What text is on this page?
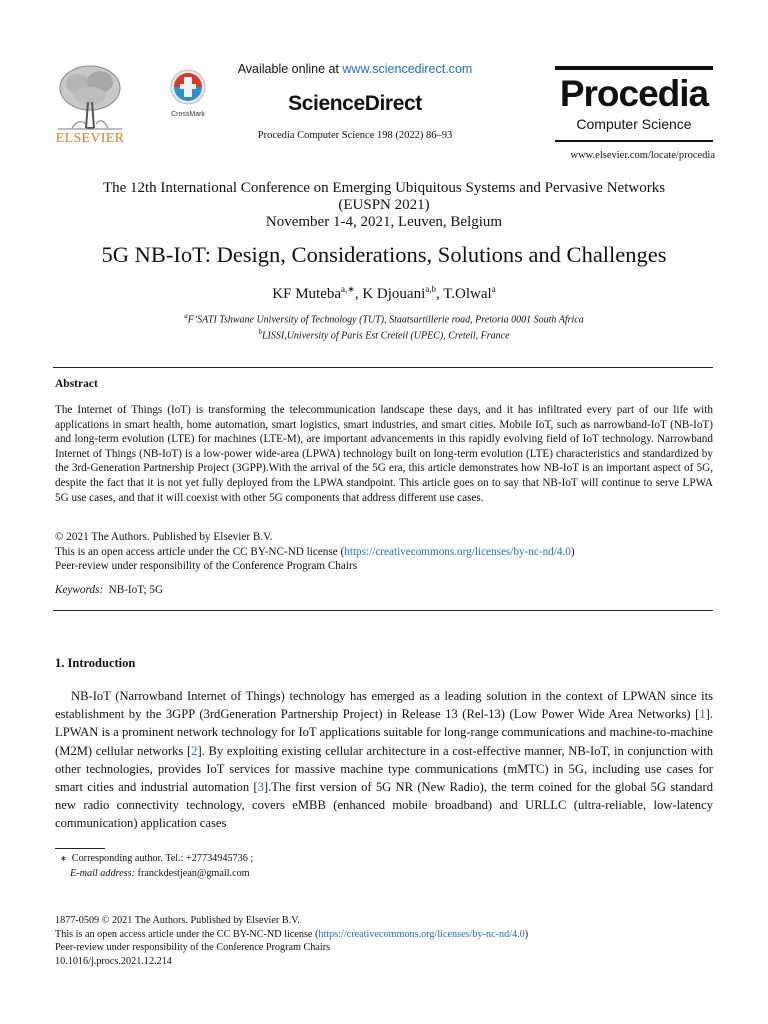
ELSEVIER
CrossMark
Available online at www.sciencedirect.com
ScienceDirect
Procedia Computer Science 198 (2022) 86–93
Procedia
Computer Science
www.elsevier.com/locate/procedia
The 12th International Conference on Emerging Ubiquitous Systems and Pervasive Networks
(EUSPN 2021)
November 1-4, 2021, Leuven, Belgium
5G NB-IoT: Design, Considerations, Solutions and Challenges
KF Muteba$^{a,∗}$, K Djouani$^{a,b}$, T.Olwal$^a$
$^a$F’SATI Tshwane University of Technology (TUT), Staatsartillerie road, Pretoria 0001 South Africa
$^b$LISSI,University of Paris Est Creteil (UPEC), Creteil, France
Abstract
The Internet of Things (IoT) is transforming the telecommunication landscape these days, and it has infiltrated every part of our life with applications in smart health, home automation, smart logistics, smart industries, and smart cities. Mobile IoT, such as narrowband-IoT (NB-IoT) and long-term evolution (LTE) for machines (LTE-M), are important advancements in this rapidly evolving field of IoT technology. Narrowband Internet of Things (NB-IoT) is a low-power wide-area (LPWA) technology built on long-term evolution (LTE) characteristics and standardized by the 3rd-Generation Partnership Project (3GPP).With the arrival of the 5G era, this article demonstrates how NB-IoT is an important aspect of 5G, despite the fact that it is not yet fully deployed from the LPWA standpoint. This article goes on to say that NB-IoT will continue to serve LPWA 5G use cases, and that it will coexist with other 5G components that address different use cases.
© 2021 The Authors. Published by Elsevier B.V.
This is an open access article under the CC BY-NC-ND license (https://creativecommons.org/licenses/by-nc-nd/4.0)
Peer-review under responsibility of the Conference Program Chairs
Keywords: NB-IoT; 5G
1. Introduction
NB-IoT (Narrowband Internet of Things) technology has emerged as a leading solution in the context of LPWAN since its establishment by the 3GPP (3rdGeneration Partnership Project) in Release 13 (Rel-13) (Low Power Wide Area Networks) [1]. LPWAN is a prominent network technology for IoT applications suitable for long-range communications and machine-to-machine (M2M) cellular networks [2]. By exploiting existing cellular architecture in a cost-effective manner, NB-IoT, in conjunction with other technologies, provides IoT services for massive machine type communications (mMTC) in 5G, including use cases for smart cities and industrial automation [3].The first version of 5G NR (New Radio), the term coined for the global 5G standard new radio connectivity technology, covers eMBB (enhanced mobile broadband) and URLLC (ultra-reliable, low-latency communication) application cases
∗ Corresponding author. Tel.: +27734945736 ;
E-mail address: franckdestjean@gmail.com
1877-0509 © 2021 The Authors. Published by Elsevier B.V.
This is an open access article under the CC BY-NC-ND license (https://creativecommons.org/licenses/by-nc-nd/4.0)
Peer-review under responsibility of the Conference Program Chairs
10.1016/j.procs.2021.12.214
